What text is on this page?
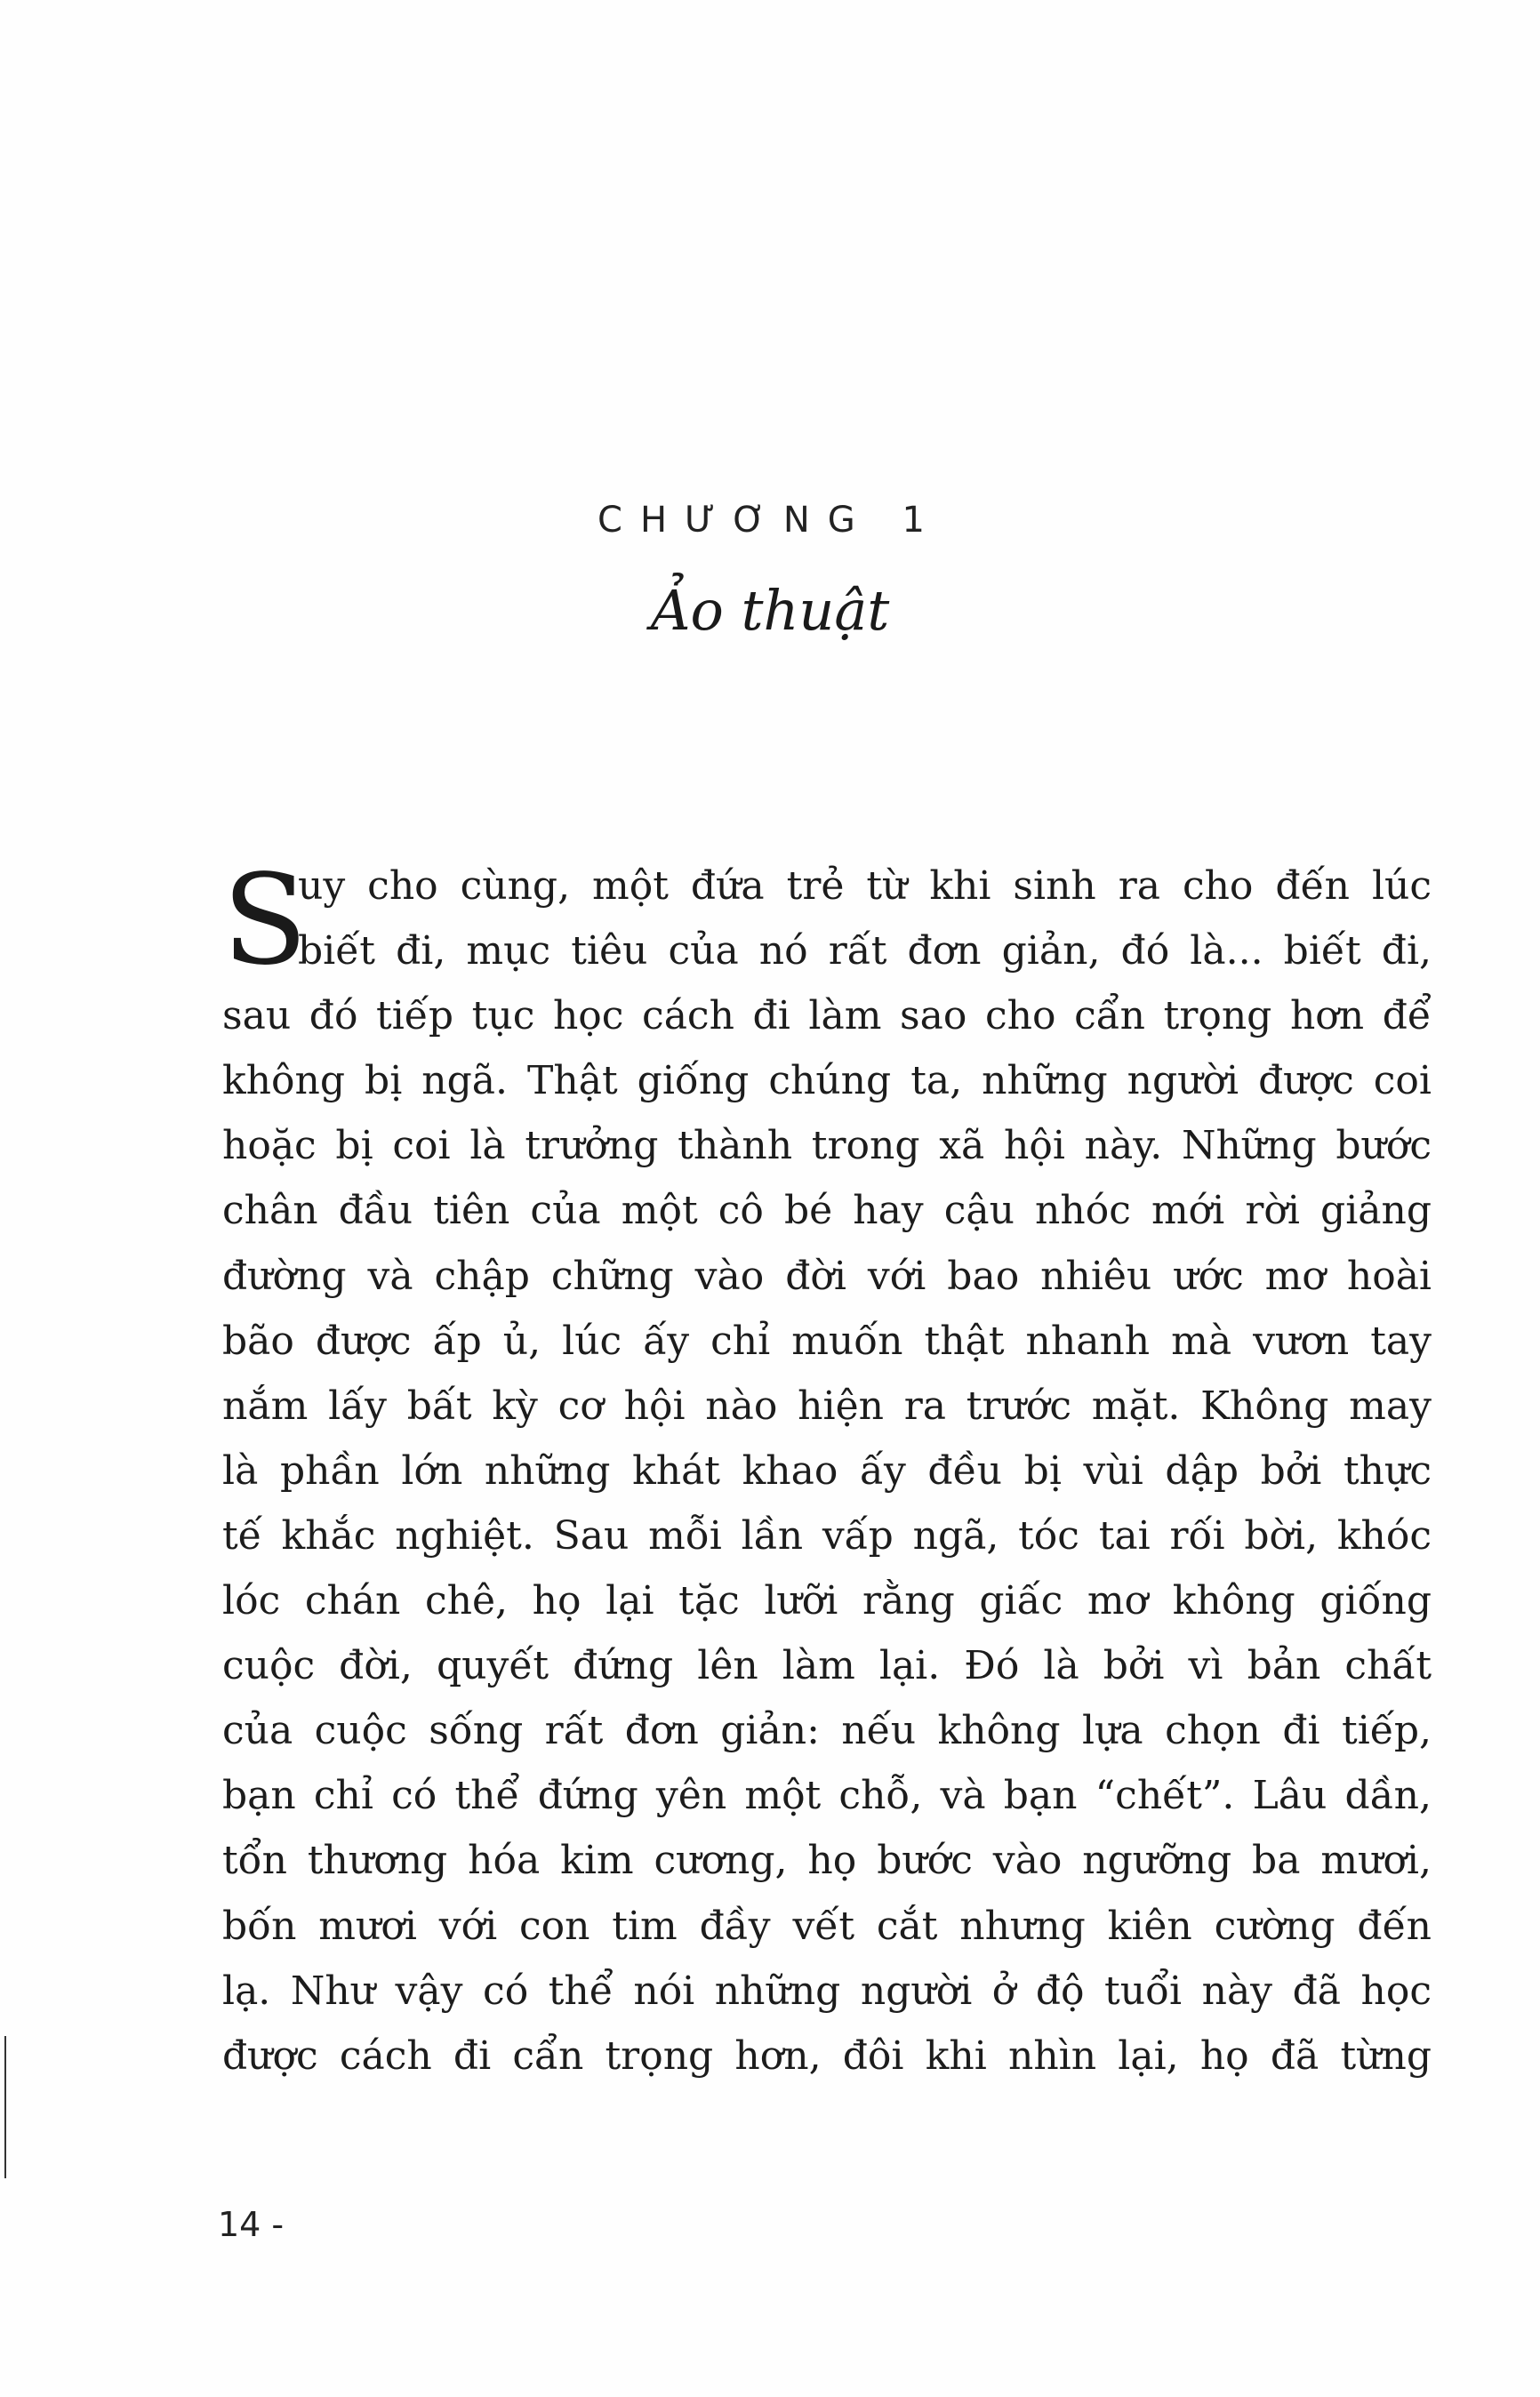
CHƯƠNG 1
Ảo thuật
S
uy cho cùng, một đứa trẻ từ khi sinh ra cho đến lúc
biết đi, mục tiêu của nó rất đơn giản, đó là... biết đi,
sau đó tiếp tục học cách đi làm sao cho cẩn trọng hơn để
không bị ngã. Thật giống chúng ta, những người được coi
hoặc bị coi là trưởng thành trong xã hội này. Những bước
chân đầu tiên của một cô bé hay cậu nhóc mới rời giảng
đường và chập chững vào đời với bao nhiêu ước mơ hoài
bão được ấp ủ, lúc ấy chỉ muốn thật nhanh mà vươn tay
nắm lấy bất kỳ cơ hội nào hiện ra trước mặt. Không may
là phần lớn những khát khao ấy đều bị vùi dập bởi thực
tế khắc nghiệt. Sau mỗi lần vấp ngã, tóc tai rối bời, khóc
lóc chán chê, họ lại tặc lưỡi rằng giấc mơ không giống
cuộc đời, quyết đứng lên làm lại. Đó là bởi vì bản chất
của cuộc sống rất đơn giản: nếu không lựa chọn đi tiếp,
bạn chỉ có thể đứng yên một chỗ, và bạn “chết”. Lâu dần,
tổn thương hóa kim cương, họ bước vào ngưỡng ba mươi,
bốn mươi với con tim đầy vết cắt nhưng kiên cường đến
lạ. Như vậy có thể nói những người ở độ tuổi này đã học
được cách đi cẩn trọng hơn, đôi khi nhìn lại, họ đã từng
14 -
